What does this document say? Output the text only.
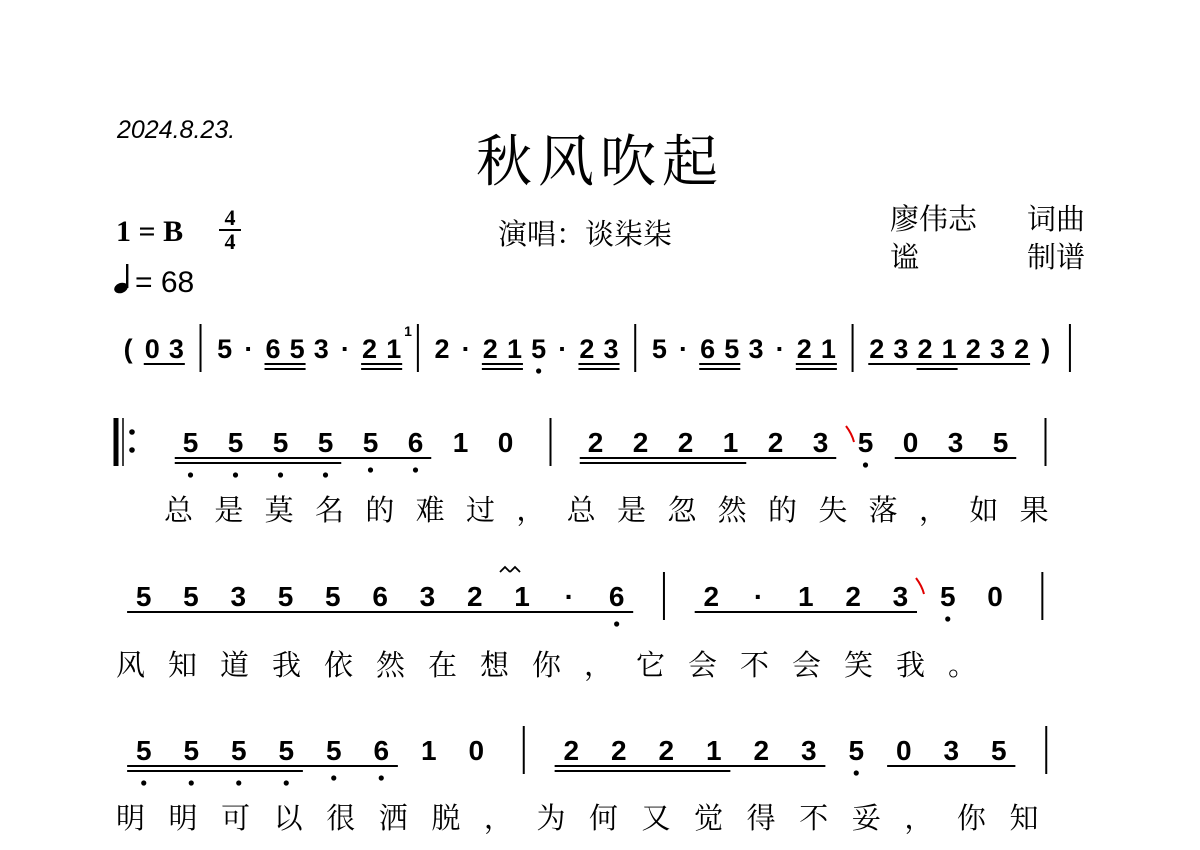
2024.8.23.	秋风吹起
1 = B 4
4	演唱：谈柒柒	廖伟志 词曲
谧	制谱
= 68
( 0 3 5 · 6 5 3 · 2 1 2 · 2 1 5 · 2 3 5 · 6 5 3 · 2 1 2 3 2 1 2 3 2 )
1
5 5 5 5 5 6 1 0	2 2 2 1 2 3 5 0 3 5
5 5 3 5 5 6 3 2 1 · 6	2 · 1 2 3 5 0
5 5 5 5 5 6 1 0	2 2 2 1 2 3 5 0 3 5
总 是 莫 名 的 难 过 ， 总 是 忽 然 的 失 落 ， 如 果
风 知 道 我 依 然 在 想 你 ， 它 会 不 会 笑 我 。
明 明 可 以 很 洒 脱 ， 为 何 又 觉 得 不 妥 ， 你 知
